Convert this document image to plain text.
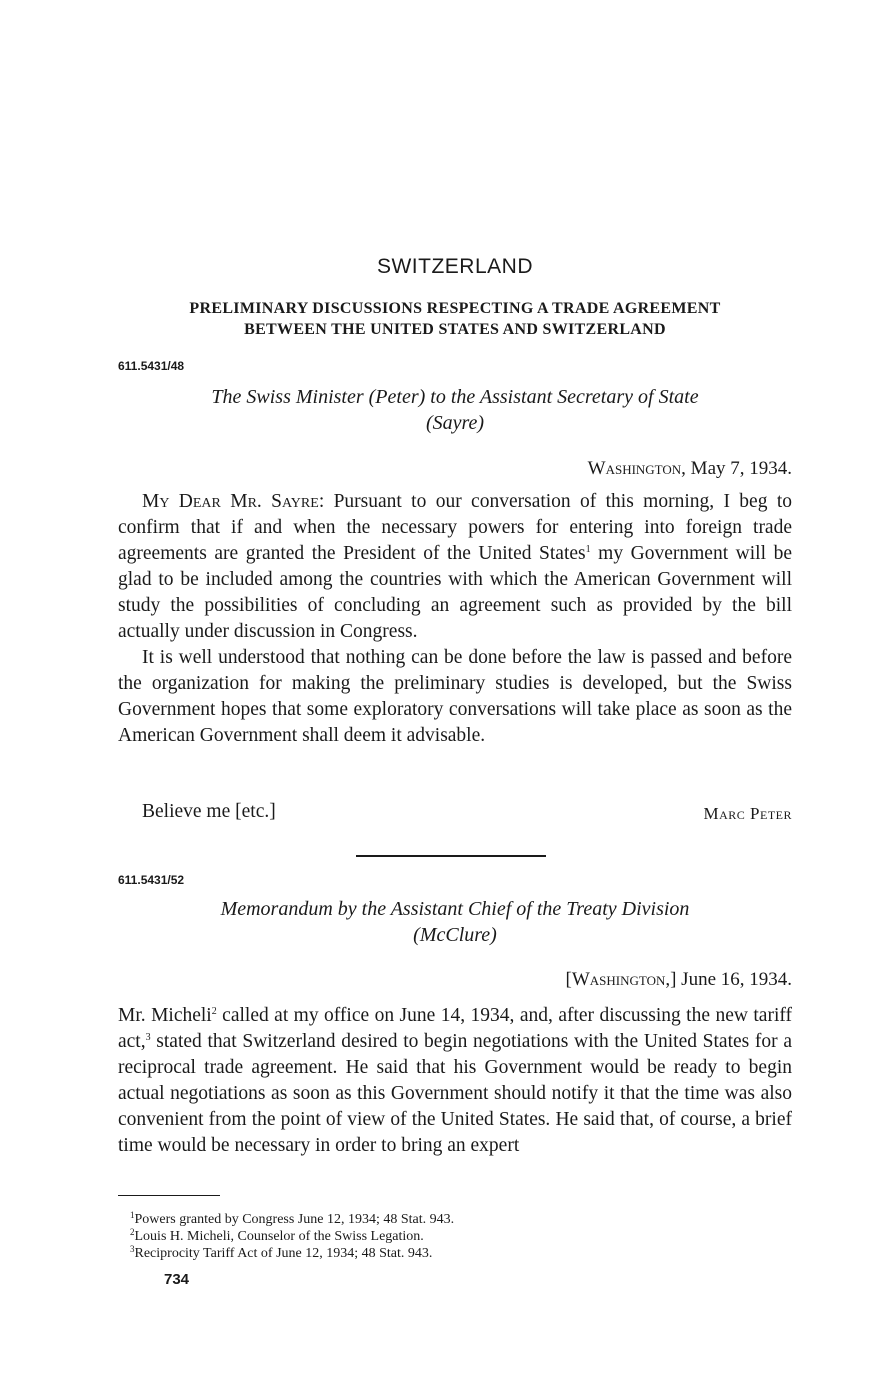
SWITZERLAND
PRELIMINARY DISCUSSIONS RESPECTING A TRADE AGREEMENT
BETWEEN THE UNITED STATES AND SWITZERLAND
611.5431/48
The Swiss Minister (Peter) to the Assistant Secretary of State
(Sayre)
Washington, May 7, 1934.

My Dear Mr. Sayre: Pursuant to our conversation of this morning, I beg to confirm that if and when the necessary powers for entering into foreign trade agreements are granted the President of the United States$^1$ my Government will be glad to be included among the countries with which the American Government will study the possibilities of concluding an agreement such as provided by the bill actually under discussion in Congress.

It is well understood that nothing can be done before the law is passed and before the organization for making the preliminary studies is developed, but the Swiss Government hopes that some exploratory conversations will take place as soon as the American Government shall deem it advisable.

Believe me [etc.]	Marc Peter
611.5431/52
Memorandum by the Assistant Chief of the Treaty Division
(McClure)
[Washington,] June 16, 1934.

Mr. Micheli$^2$ called at my office on June 14, 1934, and, after discussing the new tariff act,$^3$ stated that Switzerland desired to begin negotiations with the United States for a reciprocal trade agreement. He said that his Government would be ready to begin actual negotiations as soon as this Government should notify it that the time was also convenient from the point of view of the United States. He said that, of course, a brief time would be necessary in order to bring an expert

$^1$Powers granted by Congress June 12, 1934; 48 Stat. 943.
$^2$Louis H. Micheli, Counselor of the Swiss Legation.
$^3$Reciprocity Tariff Act of June 12, 1934; 48 Stat. 943.
734
